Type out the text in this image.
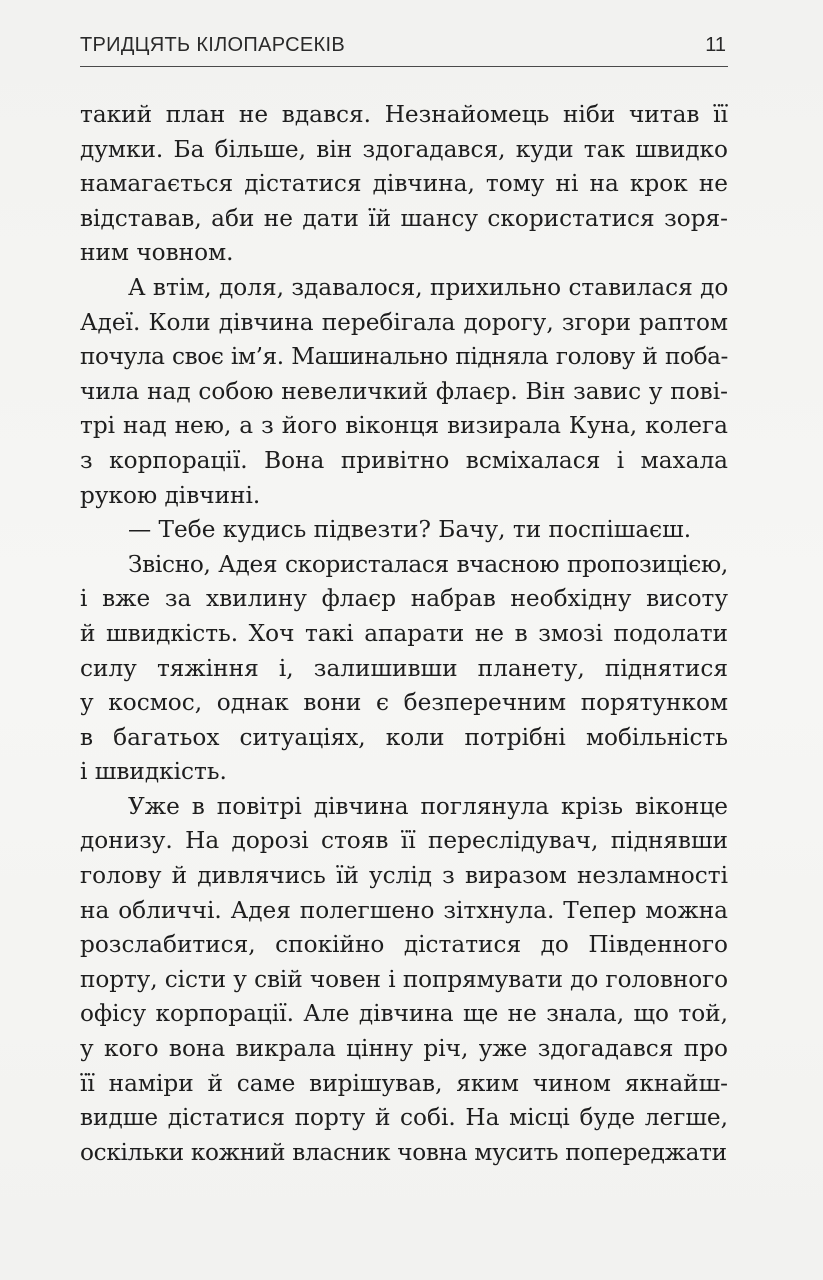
ТРИДЦЯТЬ КІЛОПАРСЕКІВ	11
такий план не вдався. Незнайомець ніби читав її
думки. Ба більше, він здогадався, куди так швидко
намагається дістатися дівчина, тому ні на крок не
відставав, аби не дати їй шансу скористатися зоря-
ним човном.
А втім, доля, здавалося, прихильно ставилася до
Адеї. Коли дівчина перебігала дорогу, згори раптом
почула своє ім’я. Машинально підняла голову й поба-
чила над собою невеличкий флаєр. Він завис у пові-
трі над нею, а з його віконця визирала Куна, колега
з корпорації. Вона привітно всміхалася і махала
рукою дівчині.
— Тебе кудись підвезти? Бачу, ти поспішаєш.
Звісно, Адея скористалася вчасною пропозицією,
і вже за хвилину флаєр набрав необхідну висоту
й швидкість. Хоч такі апарати не в змозі подолати
силу тяжіння і, залишивши планету, піднятися
у космос, однак вони є безперечним порятунком
в багатьох ситуаціях, коли потрібні мобільність
і швидкість.
Уже в повітрі дівчина поглянула крізь віконце
донизу. На дорозі стояв її переслідувач, піднявши
голову й дивлячись їй услід з виразом незламності
на обличчі. Адея полегшено зітхнула. Тепер можна
розслабитися, спокійно дістатися до Південного
порту, сісти у свій човен і попрямувати до головного
офісу корпорації. Але дівчина ще не знала, що той,
у кого вона викрала цінну річ, уже здогадався про
її наміри й саме вирішував, яким чином якнайш-
видше дістатися порту й собі. На місці буде легше,
оскільки кожний власник човна мусить попереджати
